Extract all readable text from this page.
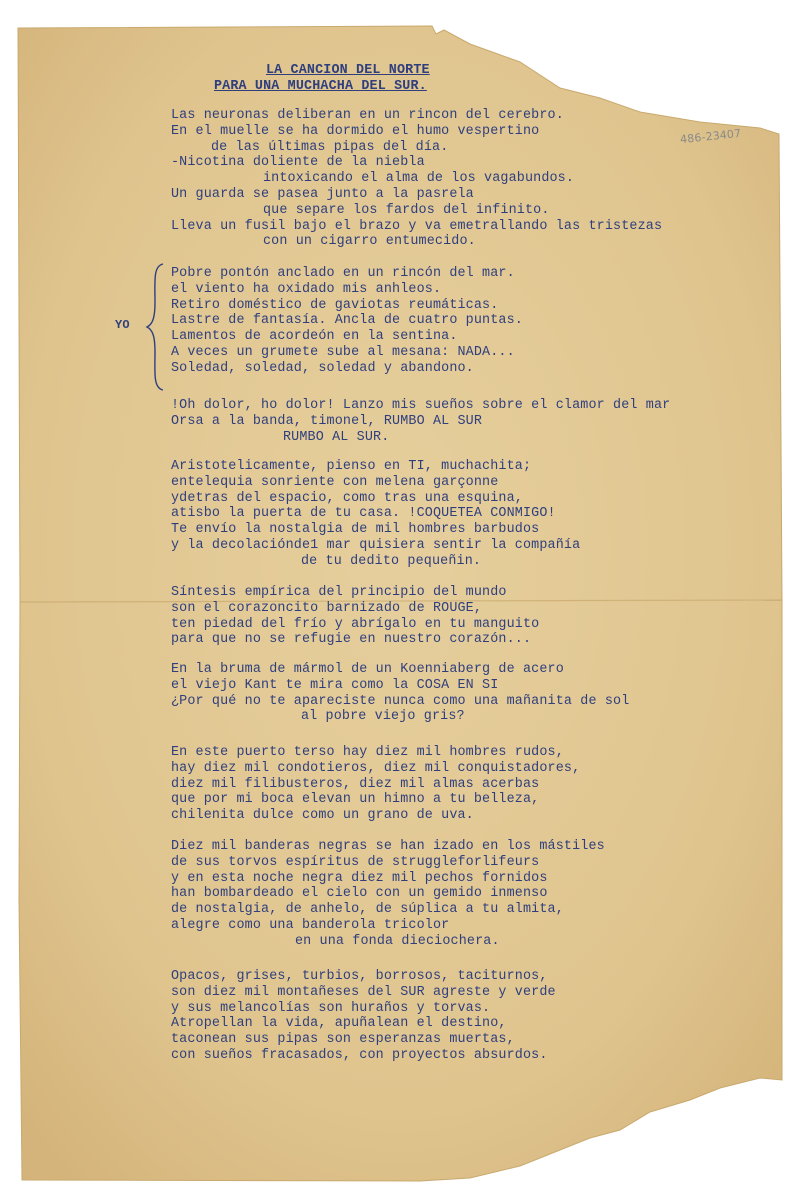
LA CANCION DEL NORTE
PARA UNA MUCHACHA DEL SUR.
486-23407
YO
Las neuronas deliberan en un rincon del cerebro.
En el muelle se ha dormido el humo vespertino
de las últimas pipas del día.
-Nicotina doliente de la niebla
intoxicando el alma de los vagabundos.
Un guarda se pasea junto a la pasrela
que separe los fardos del infinito.
Lleva un fusil bajo el brazo y va emetrallando las tristezas
con un cigarro entumecido.
Pobre pontón anclado en un rincón del mar.
el viento ha oxidado mis anhleos.
Retiro doméstico de gaviotas reumáticas.
Lastre de fantasía. Ancla de cuatro puntas.
Lamentos de acordeón en la sentina.
A veces un grumete sube al mesana: NADA...
Soledad, soledad, soledad y abandono.
!Oh dolor, ho dolor! Lanzo mis sueños sobre el clamor del mar
Orsa a la banda, timonel, RUMBO AL SUR
RUMBO AL SUR.
Aristotelicamente, pienso en TI, muchachita;
entelequia sonriente con melena garçonne
ydetras del espacio, como tras una esquina,
atisbo la puerta de tu casa. !COQUETEA CONMIGO!
Te envío la nostalgia de mil hombres barbudos
y la decolaciónde1 mar quisiera sentir la compañía
de tu dedito pequeñin.
Síntesis empírica del principio del mundo
son el corazoncito barnizado de ROUGE,
ten piedad del frío y abrígalo en tu manguito
para que no se refugie en nuestro corazón...
En la bruma de mármol de un Koenniaberg de acero
el viejo Kant te mira como la COSA EN SI
¿Por qué no te apareciste nunca como una mañanita de sol
al pobre viejo gris?
En este puerto terso hay diez mil hombres rudos,
hay diez mil condotieros, diez mil conquistadores,
diez mil filibusteros, diez mil almas acerbas
que por mi boca elevan un himno a tu belleza,
chilenita dulce como un grano de uva.
Diez mil banderas negras se han izado en los mástiles
de sus torvos espíritus de struggleforlifeurs
y en esta noche negra diez mil pechos fornidos
han bombardeado el cielo con un gemido inmenso
de nostalgia, de anhelo, de súplica a tu almita,
alegre como una banderola tricolor
en una fonda dieciochera.
Opacos, grises, turbios, borrosos, taciturnos,
son diez mil montañeses del SUR agreste y verde
y sus melancolías son huraños y torvas.
Atropellan la vida, apuñalean el destino,
taconean sus pipas son esperanzas muertas,
con sueños fracasados, con proyectos absurdos.
